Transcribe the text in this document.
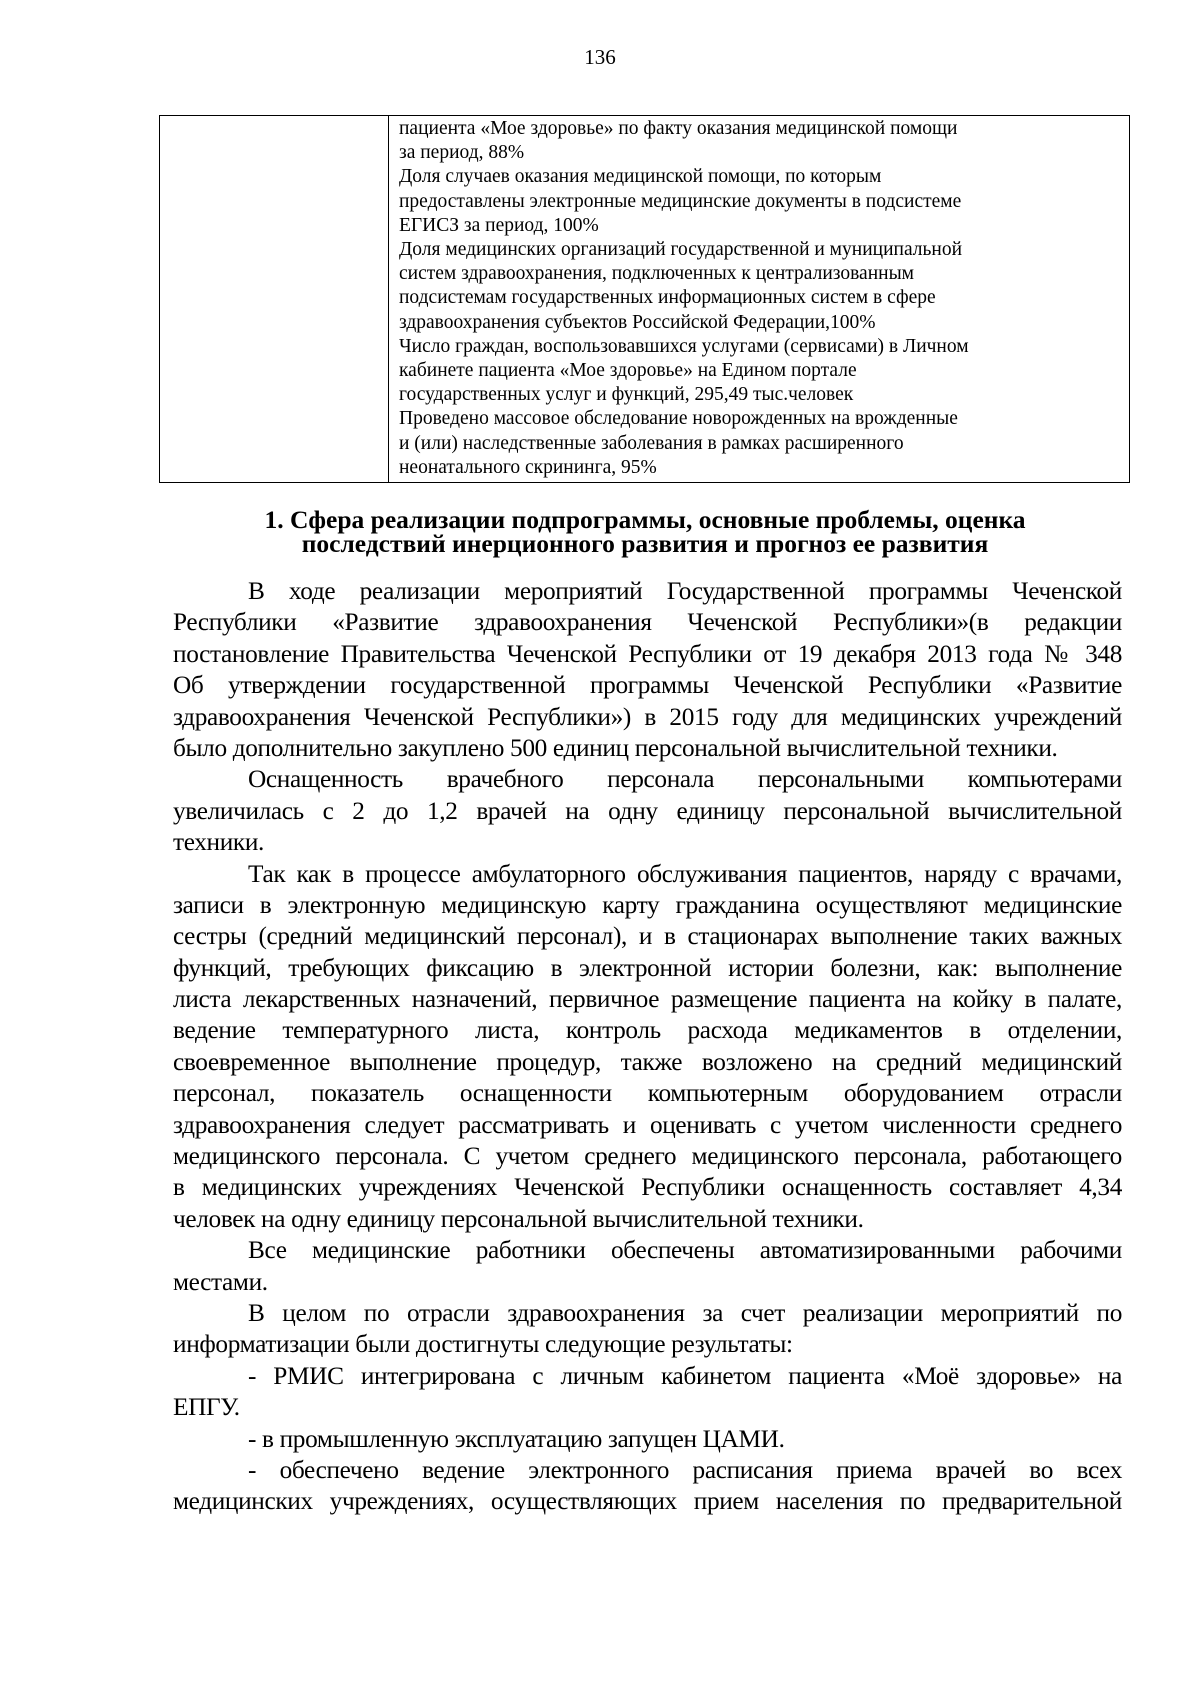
136

пациента «Мое здоровье» по факту оказания медицинской помощи
за период, 88%
Доля случаев оказания медицинской помощи, по которым
предоставлены электронные медицинские документы в подсистеме
ЕГИСЗ за период, 100%
Доля медицинских организаций государственной и муниципальной
систем здравоохранения, подключенных к централизованным
подсистемам государственных информационных систем в сфере
здравоохранения субъектов Российской Федерации,100%
Число граждан, воспользовавшихся услугами (сервисами) в Личном
кабинете пациента «Мое здоровье» на Едином портале
государственных услуг и функций, 295,49 тыс.человек
Проведено массовое обследование новорожденных на врожденные
и (или) наследственные заболевания в рамках расширенного
неонатального скрининга, 95%
1. Сфера реализации подпрограммы, основные проблемы, оценка
последствий инерционного развития и прогноз ее развития
В ходе реализации мероприятий Государственной программы Чеченской
Республики «Развитие здравоохранения Чеченской Республики»(в редакции
постановление Правительства Чеченской Республики от 19 декабря 2013 года № 348
Об утверждении государственной программы Чеченской Республики «Развитие
здравоохранения Чеченской Республики») в 2015 году для медицинских учреждений
было дополнительно закуплено 500 единиц персональной вычислительной техники.
Оснащенность врачебного персонала персональными компьютерами
увеличилась с 2 до 1,2 врачей на одну единицу персональной вычислительной
техники.
Так как в процессе амбулаторного обслуживания пациентов, наряду с врачами,
записи в электронную медицинскую карту гражданина осуществляют медицинские
сестры (средний медицинский персонал), и в стационарах выполнение таких важных
функций, требующих фиксацию в электронной истории болезни, как: выполнение
листа лекарственных назначений, первичное размещение пациента на койку в палате,
ведение температурного листа, контроль расхода медикаментов в отделении,
своевременное выполнение процедур, также возложено на средний медицинский
персонал, показатель оснащенности компьютерным оборудованием отрасли
здравоохранения следует рассматривать и оценивать с учетом численности среднего
медицинского персонала. С учетом среднего медицинского персонала, работающего
в медицинских учреждениях Чеченской Республики оснащенность составляет 4,34
человек на одну единицу персональной вычислительной техники.
Все медицинские работники обеспечены автоматизированными рабочими
местами.
В целом по отрасли здравоохранения за счет реализации мероприятий по
информатизации были достигнуты следующие результаты:
- РМИС интегрирована с личным кабинетом пациента «Моё здоровье» на
ЕПГУ.
- в промышленную эксплуатацию запущен ЦАМИ.
- обеспечено ведение электронного расписания приема врачей во всех
медицинских учреждениях, осуществляющих прием населения по предварительной
